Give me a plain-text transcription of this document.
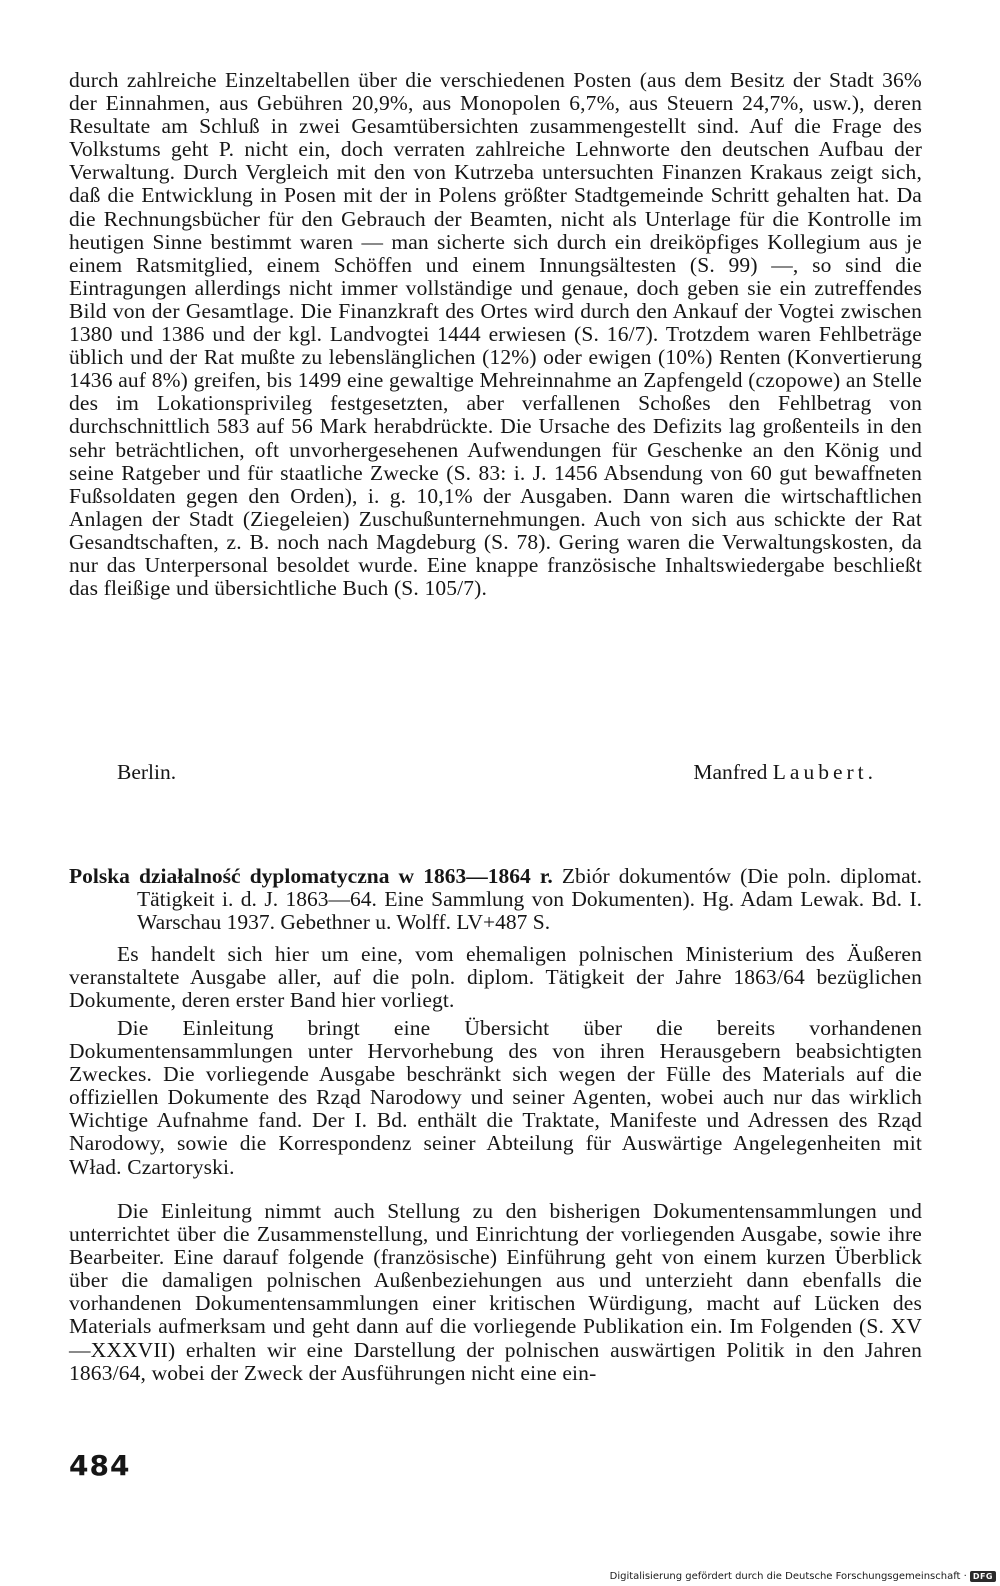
durch zahlreiche Einzeltabellen über die verschiedenen Posten (aus dem Besitz der Stadt 36% der Einnahmen, aus Gebühren 20,9%, aus Monopolen 6,7%, aus Steuern 24,7%, usw.), deren Resultate am Schluß in zwei Gesamtübersichten zusammengestellt sind. Auf die Frage des Volkstums geht P. nicht ein, doch verraten zahlreiche Lehnworte den deutschen Aufbau der Verwaltung. Durch Vergleich mit den von Kutrzeba untersuchten Finanzen Krakaus zeigt sich, daß die Entwicklung in Posen mit der in Polens größter Stadtgemeinde Schritt gehalten hat. Da die Rechnungsbücher für den Gebrauch der Beamten, nicht als Unterlage für die Kontrolle im heutigen Sinne bestimmt waren — man sicherte sich durch ein dreiköpfiges Kollegium aus je einem Ratsmitglied, einem Schöffen und einem Innungsältesten (S. 99) —, so sind die Eintragungen allerdings nicht immer vollständige und genaue, doch geben sie ein zutreffendes Bild von der Gesamtlage. Die Finanzkraft des Ortes wird durch den Ankauf der Vogtei zwischen 1380 und 1386 und der kgl. Landvogtei 1444 erwiesen (S. 16/7). Trotzdem waren Fehlbeträge üblich und der Rat mußte zu lebenslänglichen (12%) oder ewigen (10%) Renten (Konvertierung 1436 auf 8%) greifen, bis 1499 eine gewaltige Mehreinnahme an Zapfengeld (czopowe) an Stelle des im Lokationsprivileg festgesetzten, aber verfallenen Schoßes den Fehlbetrag von durchschnittlich 583 auf 56 Mark herabdrückte. Die Ursache des Defizits lag großenteils in den sehr beträchtlichen, oft unvorhergesehenen Aufwendungen für Geschenke an den König und seine Ratgeber und für staatliche Zwecke (S. 83: i. J. 1456 Absendung von 60 gut bewaffneten Fußsoldaten gegen den Orden), i. g. 10,1% der Ausgaben. Dann waren die wirtschaftlichen Anlagen der Stadt (Ziegeleien) Zuschußunternehmungen. Auch von sich aus schickte der Rat Gesandtschaften, z. B. noch nach Magdeburg (S. 78). Gering waren die Verwaltungskosten, da nur das Unterpersonal besoldet wurde. Eine knappe französische Inhaltswiedergabe beschließt das fleißige und übersichtliche Buch (S. 105/7).

Berlin.	Manfred Laubert.

Polska działalność dyplomatyczna w 1863—1864 r. Zbiór dokumentów (Die poln. diplomat. Tätigkeit i. d. J. 1863—64. Eine Sammlung von Dokumenten). Hg. Adam Lewak. Bd. I. Warschau 1937. Gebethner u. Wolff. LV+487 S.

Es handelt sich hier um eine, vom ehemaligen polnischen Ministerium des Äußeren veranstaltete Ausgabe aller, auf die poln. diplom. Tätigkeit der Jahre 1863/64 bezüglichen Dokumente, deren erster Band hier vorliegt.

Die Einleitung bringt eine Übersicht über die bereits vorhandenen Dokumentensammlungen unter Hervorhebung des von ihren Herausgebern beabsichtigten Zweckes. Die vorliegende Ausgabe beschränkt sich wegen der Fülle des Materials auf die offiziellen Dokumente des Rząd Narodowy und seiner Agenten, wobei auch nur das wirklich Wichtige Aufnahme fand. Der I. Bd. enthält die Traktate, Manifeste und Adressen des Rząd Narodowy, sowie die Korrespondenz seiner Abteilung für Auswärtige Angelegenheiten mit Wład. Czartoryski.

Die Einleitung nimmt auch Stellung zu den bisherigen Dokumentensammlungen und unterrichtet über die Zusammenstellung, und Einrichtung der vorliegenden Ausgabe, sowie ihre Bearbeiter. Eine darauf folgende (französische) Einführung geht von einem kurzen Überblick über die damaligen polnischen Außenbeziehungen aus und unterzieht dann ebenfalls die vorhandenen Dokumentensammlungen einer kritischen Würdigung, macht auf Lücken des Materials aufmerksam und geht dann auf die vorliegende Publikation ein. Im Folgenden (S. XV—XXXVII) erhalten wir eine Darstellung der polnischen auswärtigen Politik in den Jahren 1863/64, wobei der Zweck der Ausführungen nicht eine ein-

484
Digitalisierung gefördert durch die Deutsche Forschungsgemeinschaft · DFG
